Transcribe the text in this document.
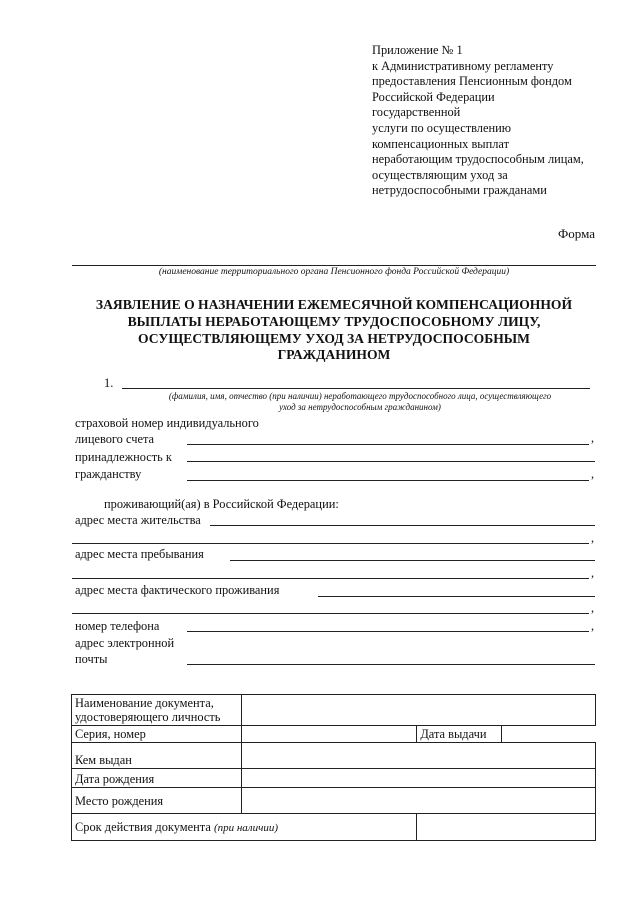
Приложение № 1
к Административному регламенту
предоставления Пенсионным фондом
Российской Федерации
государственной
услуги по осуществлению
компенсационных выплат
неработающим трудоспособным лицам,
осуществляющим уход за
нетрудоспособными гражданами
Форма
(наименование территориального органа Пенсионного фонда Российской Федерации)
ЗАЯВЛЕНИЕ О НАЗНАЧЕНИИ ЕЖЕМЕСЯЧНОЙ КОМПЕНСАЦИОННОЙ
ВЫПЛАТЫ НЕРАБОТАЮЩЕМУ ТРУДОСПОСОБНОМУ ЛИЦУ,
ОСУЩЕСТВЛЯЮЩЕМУ УХОД ЗА НЕТРУДОСПОСОБНЫМ
ГРАЖДАНИНОМ
1.
(фамилия, имя, отчество (при наличии) неработающего трудоспособного лица, осуществляющего
уход за нетрудоспособным гражданином)
страховой номер индивидуального
лицевого счета	,
принадлежность к
гражданству	,
проживающий(ая) в Российской Федерации:
адрес места жительства
,
адрес места пребывания
,
адрес места фактического проживания
,
номер телефона	,
адрес электронной
почты
Наименование документа,
удостоверяющего личность			

Серия, номер		Дата выдачи	
Кем выдан			
Дата рождения			
Место рождения			
Срок действия документа (при наличии)			
